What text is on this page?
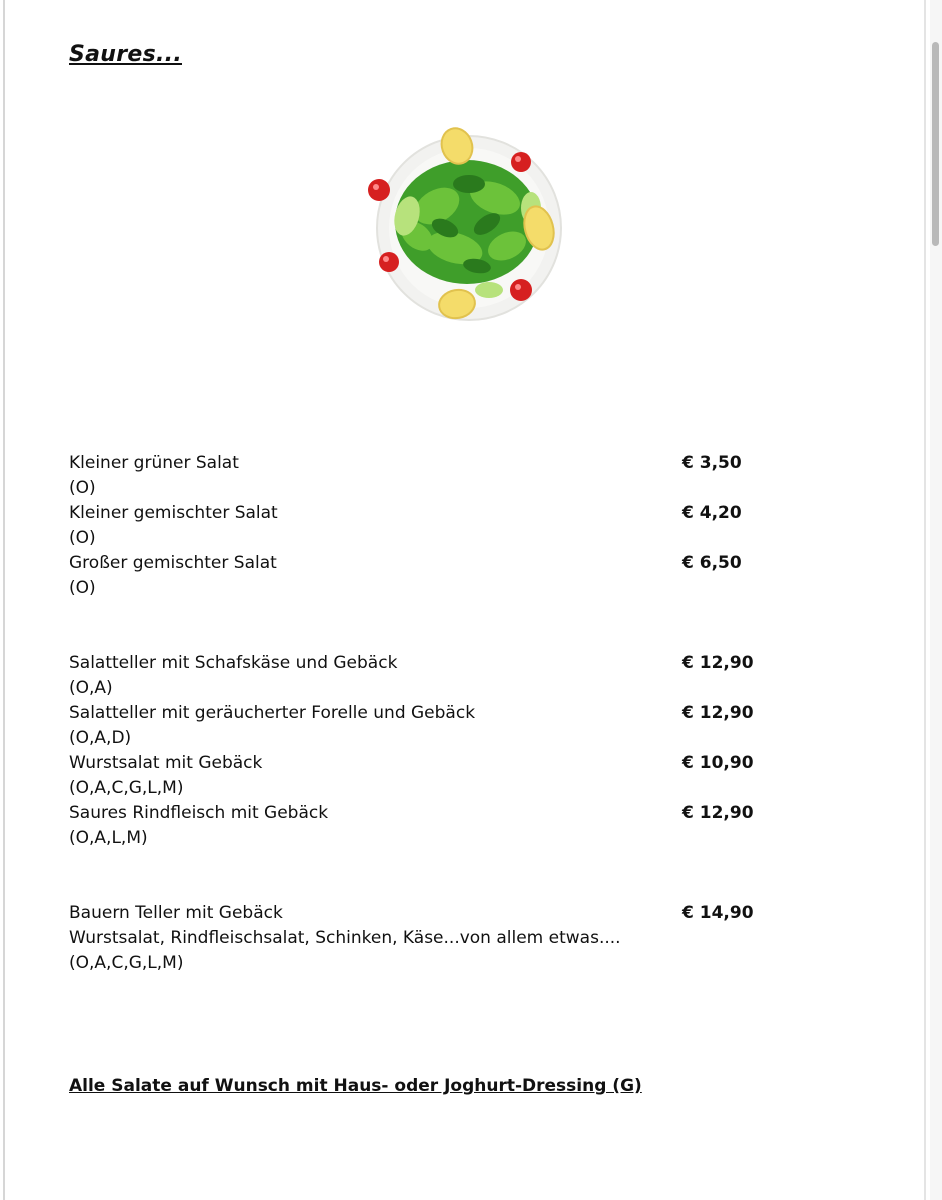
Saures...
Kleiner grüner Salat	€ 3,50
(O)
Kleiner gemischter Salat	€ 4,20
(O)
Großer gemischter Salat	€ 6,50
(O)
Salatteller mit Schafskäse und Gebäck	€ 12,90
(O,A)
Salatteller mit geräucherter Forelle und Gebäck	€ 12,90
(O,A,D)
Wurstsalat mit Gebäck	€ 10,90
(O,A,C,G,L,M)
Saures Rindfleisch mit Gebäck	€ 12,90
(O,A,L,M)
Bauern Teller mit Gebäck	€ 14,90
Wurstsalat, Rindfleischsalat, Schinken, Käse...von allem etwas....
(O,A,C,G,L,M)
Alle Salate auf Wunsch mit Haus- oder Joghurt-Dressing (G)
